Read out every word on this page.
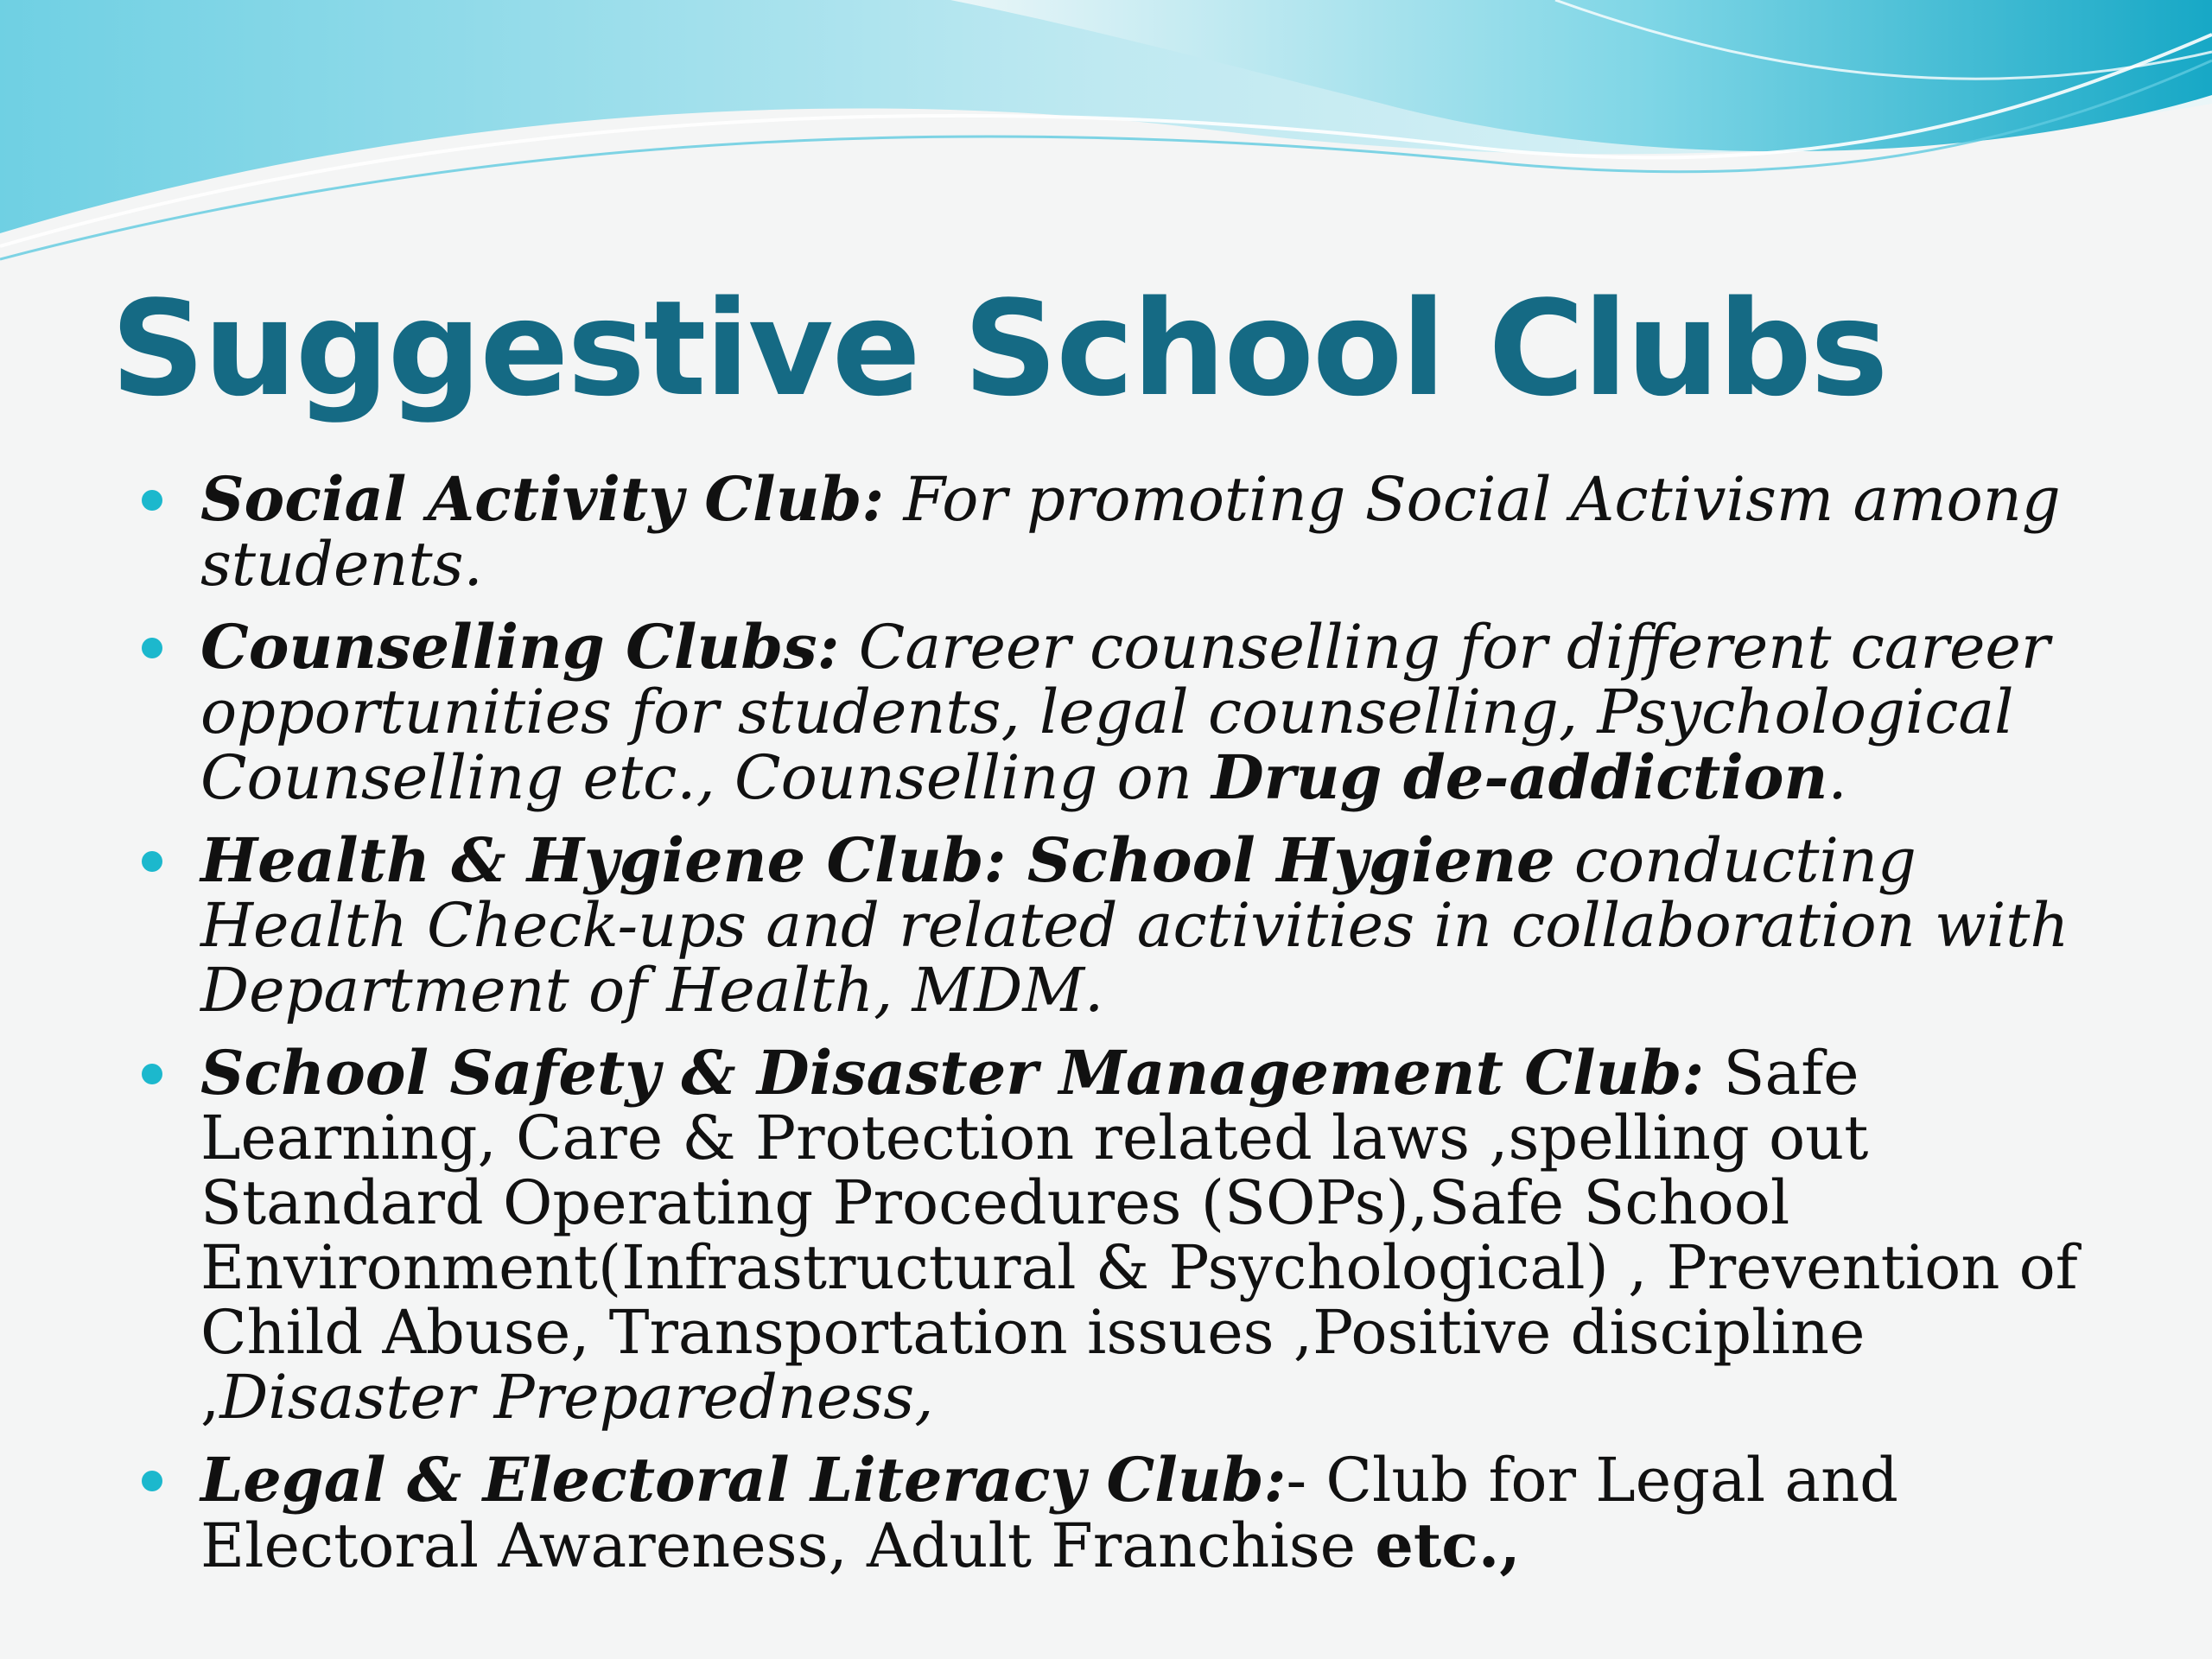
Suggestive School Clubs
Social Activity Club: For promoting Social Activism among students.
Counselling Clubs: Career counselling for different career opportunities for students, legal counselling, Psychological Counselling etc., Counselling on Drug de-addiction.
Health & Hygiene Club: School Hygiene conducting Health Check-ups and related activities in collaboration with Department of Health, MDM.
School Safety & Disaster Management Club: Safe Learning, Care & Protection related laws ,spelling out Standard Operating Procedures (SOPs),Safe School Environment(Infrastructural & Psychological) , Prevention of Child Abuse, Transportation issues ,Positive discipline ,Disaster Preparedness,
Legal & Electoral Literacy Club:- Club for Legal and Electoral Awareness, Adult Franchise etc.,
